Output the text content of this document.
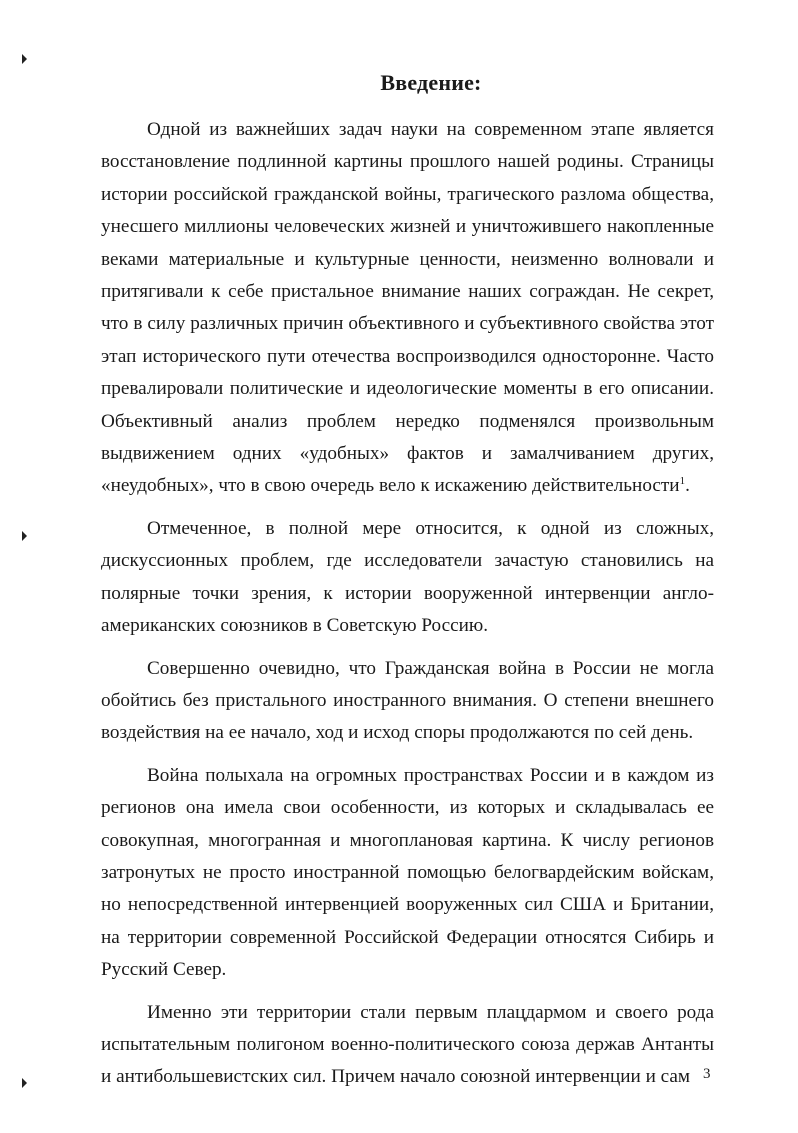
Введение:

Одной из важнейших задач науки на современном этапе является восстановление подлинной картины прошлого нашей родины. Страницы истории российской гражданской войны, трагического разлома общества, унесшего миллионы человеческих жизней и уничтожившего накопленные веками материальные и культурные ценности, неизменно волновали и притягивали к себе пристальное внимание наших сограждан. Не секрет, что в силу различных причин объективного и субъективного свойства этот этап исторического пути отечества воспроизводился односторонне. Часто превалировали политические и идеологические моменты в его описании. Объективный анализ проблем нередко подменялся произвольным выдвижением одних «удобных» фактов и замалчиванием других, «неудобных», что в свою очередь вело к искажению действительности$^1$.

Отмеченное, в полной мере относится, к одной из сложных, дискуссионных проблем, где исследователи зачастую становились на полярные точки зрения, к истории вооруженной интервенции англо-американских союзников в Советскую Россию.

Совершенно очевидно, что Гражданская война в России не могла обойтись без пристального иностранного внимания. О степени внешнего воздействия на ее начало, ход и исход споры продолжаются по сей день.

Война полыхала на огромных пространствах России и в каждом из регионов она имела свои особенности, из которых и складывалась ее совокупная, многогранная и многоплановая картина. К числу регионов затронутых не просто иностранной помощью белогвардейским войскам, но непосредственной интервенцией вооруженных сил США и Британии, на территории современной Российской Федерации относятся Сибирь и Русский Север.

Именно эти территории стали первым плацдармом и своего рода испытательным полигоном военно-политического союза держав Антанты и антибольшевистских сил. Причем начало союзной интервенции и сам 3
